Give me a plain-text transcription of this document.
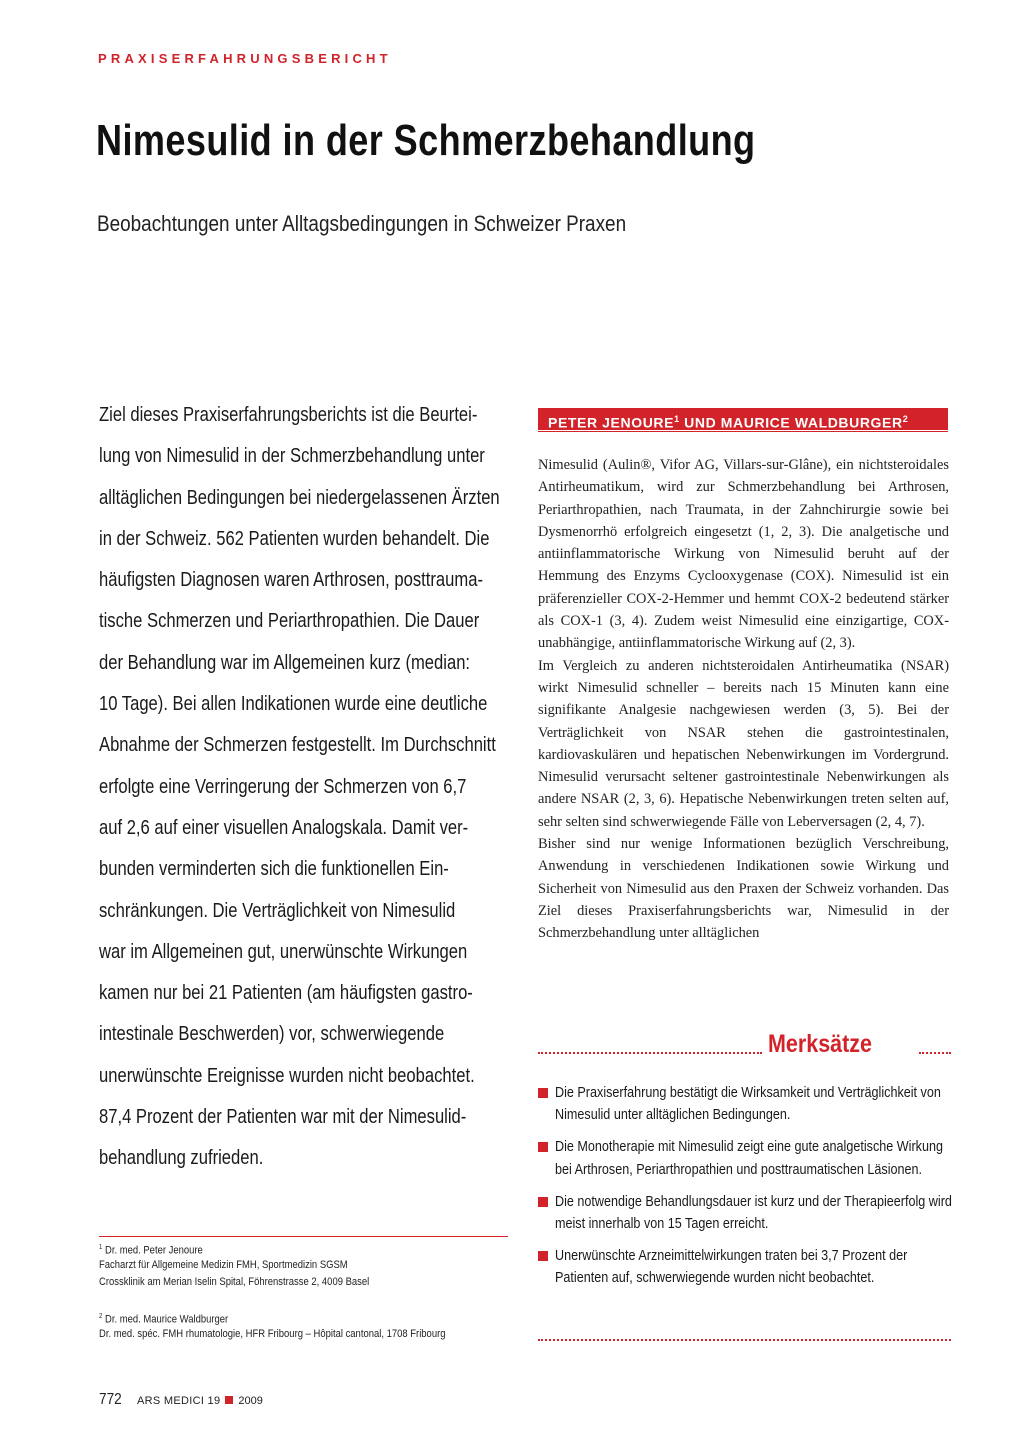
PRAXISERFAHRUNGSBERICHT
Nimesulid in der Schmerzbehandlung
Beobachtungen unter Alltagsbedingungen in Schweizer Praxen
Ziel dieses Praxiserfahrungsberichts ist die Beurtei-
lung von Nimesulid in der Schmerzbehandlung unter
alltäglichen Bedingungen bei niedergelassenen Ärzten
in der Schweiz. 562 Patienten wurden behandelt. Die
häufigsten Diagnosen waren Arthrosen, posttrauma-
tische Schmerzen und Periarthropathien. Die Dauer
der Behandlung war im Allgemeinen kurz (median:
10 Tage). Bei allen Indikationen wurde eine deutliche
Abnahme der Schmerzen festgestellt. Im Durchschnitt
erfolgte eine Verringerung der Schmerzen von 6,7
auf 2,6 auf einer visuellen Analogskala. Damit ver-
bunden verminderten sich die funktionellen Ein-
schränkungen. Die Verträglichkeit von Nimesulid
war im Allgemeinen gut, unerwünschte Wirkungen
kamen nur bei 21 Patienten (am häufigsten gastro-
intestinale Beschwerden) vor, schwerwiegende
unerwünschte Ereignisse wurden nicht beobachtet.
87,4 Prozent der Patienten war mit der Nimesulid-
behandlung zufrieden.
PETER JENOURE$^1$ UND MAURICE WALDBURGER$^2$

Nimesulid (Aulin®, Vifor AG, Villars-sur-Glâne), ein nichtsteroidales Antirheumatikum, wird zur Schmerzbehandlung bei Arthrosen, Periarthropathien, nach Traumata, in der Zahnchirurgie sowie bei Dysmenorrhö erfolgreich eingesetzt (1, 2, 3). Die analgetische und antiinflammatorische Wirkung von Nimesulid beruht auf der Hemmung des Enzyms Cyclooxygenase (COX). Nimesulid ist ein präferenzieller COX-2-Hemmer und hemmt COX-2 bedeutend stärker als COX-1 (3, 4). Zudem weist Nimesulid eine einzigartige, COX-unabhängige, antiinflammatorische Wirkung auf (2, 3).

Im Vergleich zu anderen nichtsteroidalen Antirheumatika (NSAR) wirkt Nimesulid schneller – bereits nach 15 Minuten kann eine signifikante Analgesie nachgewiesen werden (3, 5). Bei der Verträglichkeit von NSAR stehen die gastrointestinalen, kardiovaskulären und hepatischen Nebenwirkungen im Vordergrund. Nimesulid verursacht seltener gastrointestinale Nebenwirkungen als andere NSAR (2, 3, 6). Hepatische Nebenwirkungen treten selten auf, sehr selten sind schwerwiegende Fälle von Leberversagen (2, 4, 7).

Bisher sind nur wenige Informationen bezüglich Verschreibung, Anwendung in verschiedenen Indikationen sowie Wirkung und Sicherheit von Nimesulid aus den Praxen der Schweiz vorhanden. Das Ziel dieses Praxiserfahrungsberichts war, Nimesulid in der Schmerzbehandlung unter alltäglichen

Merksätze
Die Praxiserfahrung bestätigt die Wirksamkeit und Verträglichkeit von Nimesulid unter alltäglichen Bedingungen.
Die Monotherapie mit Nimesulid zeigt eine gute analgetische Wirkung bei Arthrosen, Periarthropathien und posttraumatischen Läsionen.
Die notwendige Behandlungsdauer ist kurz und der Therapieerfolg wird meist innerhalb von 15 Tagen erreicht.
Unerwünschte Arzneimittelwirkungen traten bei 3,7 Prozent der Patienten auf, schwerwiegende wurden nicht beobachtet.
$^1$ Dr. med. Peter Jenoure
Facharzt für Allgemeine Medizin FMH, Sportmedizin SGSM
Crossklinik am Merian Iselin Spital, Föhrenstrasse 2, 4009 Basel
$^2$ Dr. med. Maurice Waldburger
Dr. med. spéc. FMH rhumatologie, HFR Fribourg – Hôpital cantonal, 1708 Fribourg
772	ARS MEDICI 19 2009
